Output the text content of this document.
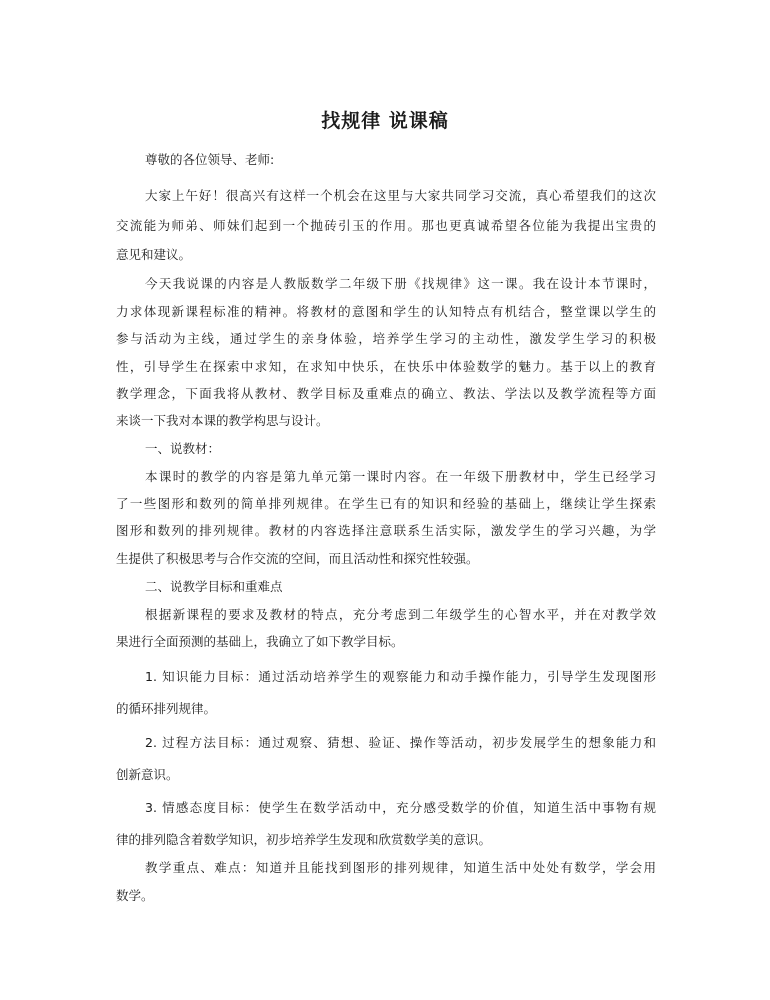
找规律 说课稿
尊敬的各位领导、老师:
大家上午好！很高兴有这样一个机会在这里与大家共同学习交流，真心希望我们的这次
交流能为师弟、师妹们起到一个抛砖引玉的作用。那也更真诚希望各位能为我提出宝贵的
意见和建议。
今天我说课的内容是人教版数学二年级下册《找规律》这一课。我在设计本节课时，
力求体现新课程标准的精神。将教材的意图和学生的认知特点有机结合，整堂课以学生的
参与活动为主线，通过学生的亲身体验，培养学生学习的主动性，激发学生学习的积极
性，引导学生在探索中求知，在求知中快乐，在快乐中体验数学的魅力。基于以上的教育
教学理念，下面我将从教材、教学目标及重难点的确立、教法、学法以及教学流程等方面
来谈一下我对本课的教学构思与设计。
一、说教材：
本课时的教学的内容是第九单元第一课时内容。在一年级下册教材中，学生已经学习
了一些图形和数列的简单排列规律。在学生已有的知识和经验的基础上，继续让学生探索
图形和数列的排列规律。教材的内容选择注意联系生活实际，激发学生的学习兴趣，为学
生提供了积极思考与合作交流的空间，而且活动性和探究性较强。
二、说教学目标和重难点
根据新课程的要求及教材的特点，充分考虑到二年级学生的心智水平，并在对教学效
果进行全面预测的基础上，我确立了如下教学目标。
1. 知识能力目标：通过活动培养学生的观察能力和动手操作能力，引导学生发现图形
的循环排列规律。
2. 过程方法目标：通过观察、猜想、验证、操作等活动，初步发展学生的想象能力和
创新意识。
3. 情感态度目标：使学生在数学活动中，充分感受数学的价值，知道生活中事物有规
律的排列隐含着数学知识，初步培养学生发现和欣赏数学美的意识。
教学重点、难点：知道并且能找到图形的排列规律，知道生活中处处有数学，学会用
数学。
